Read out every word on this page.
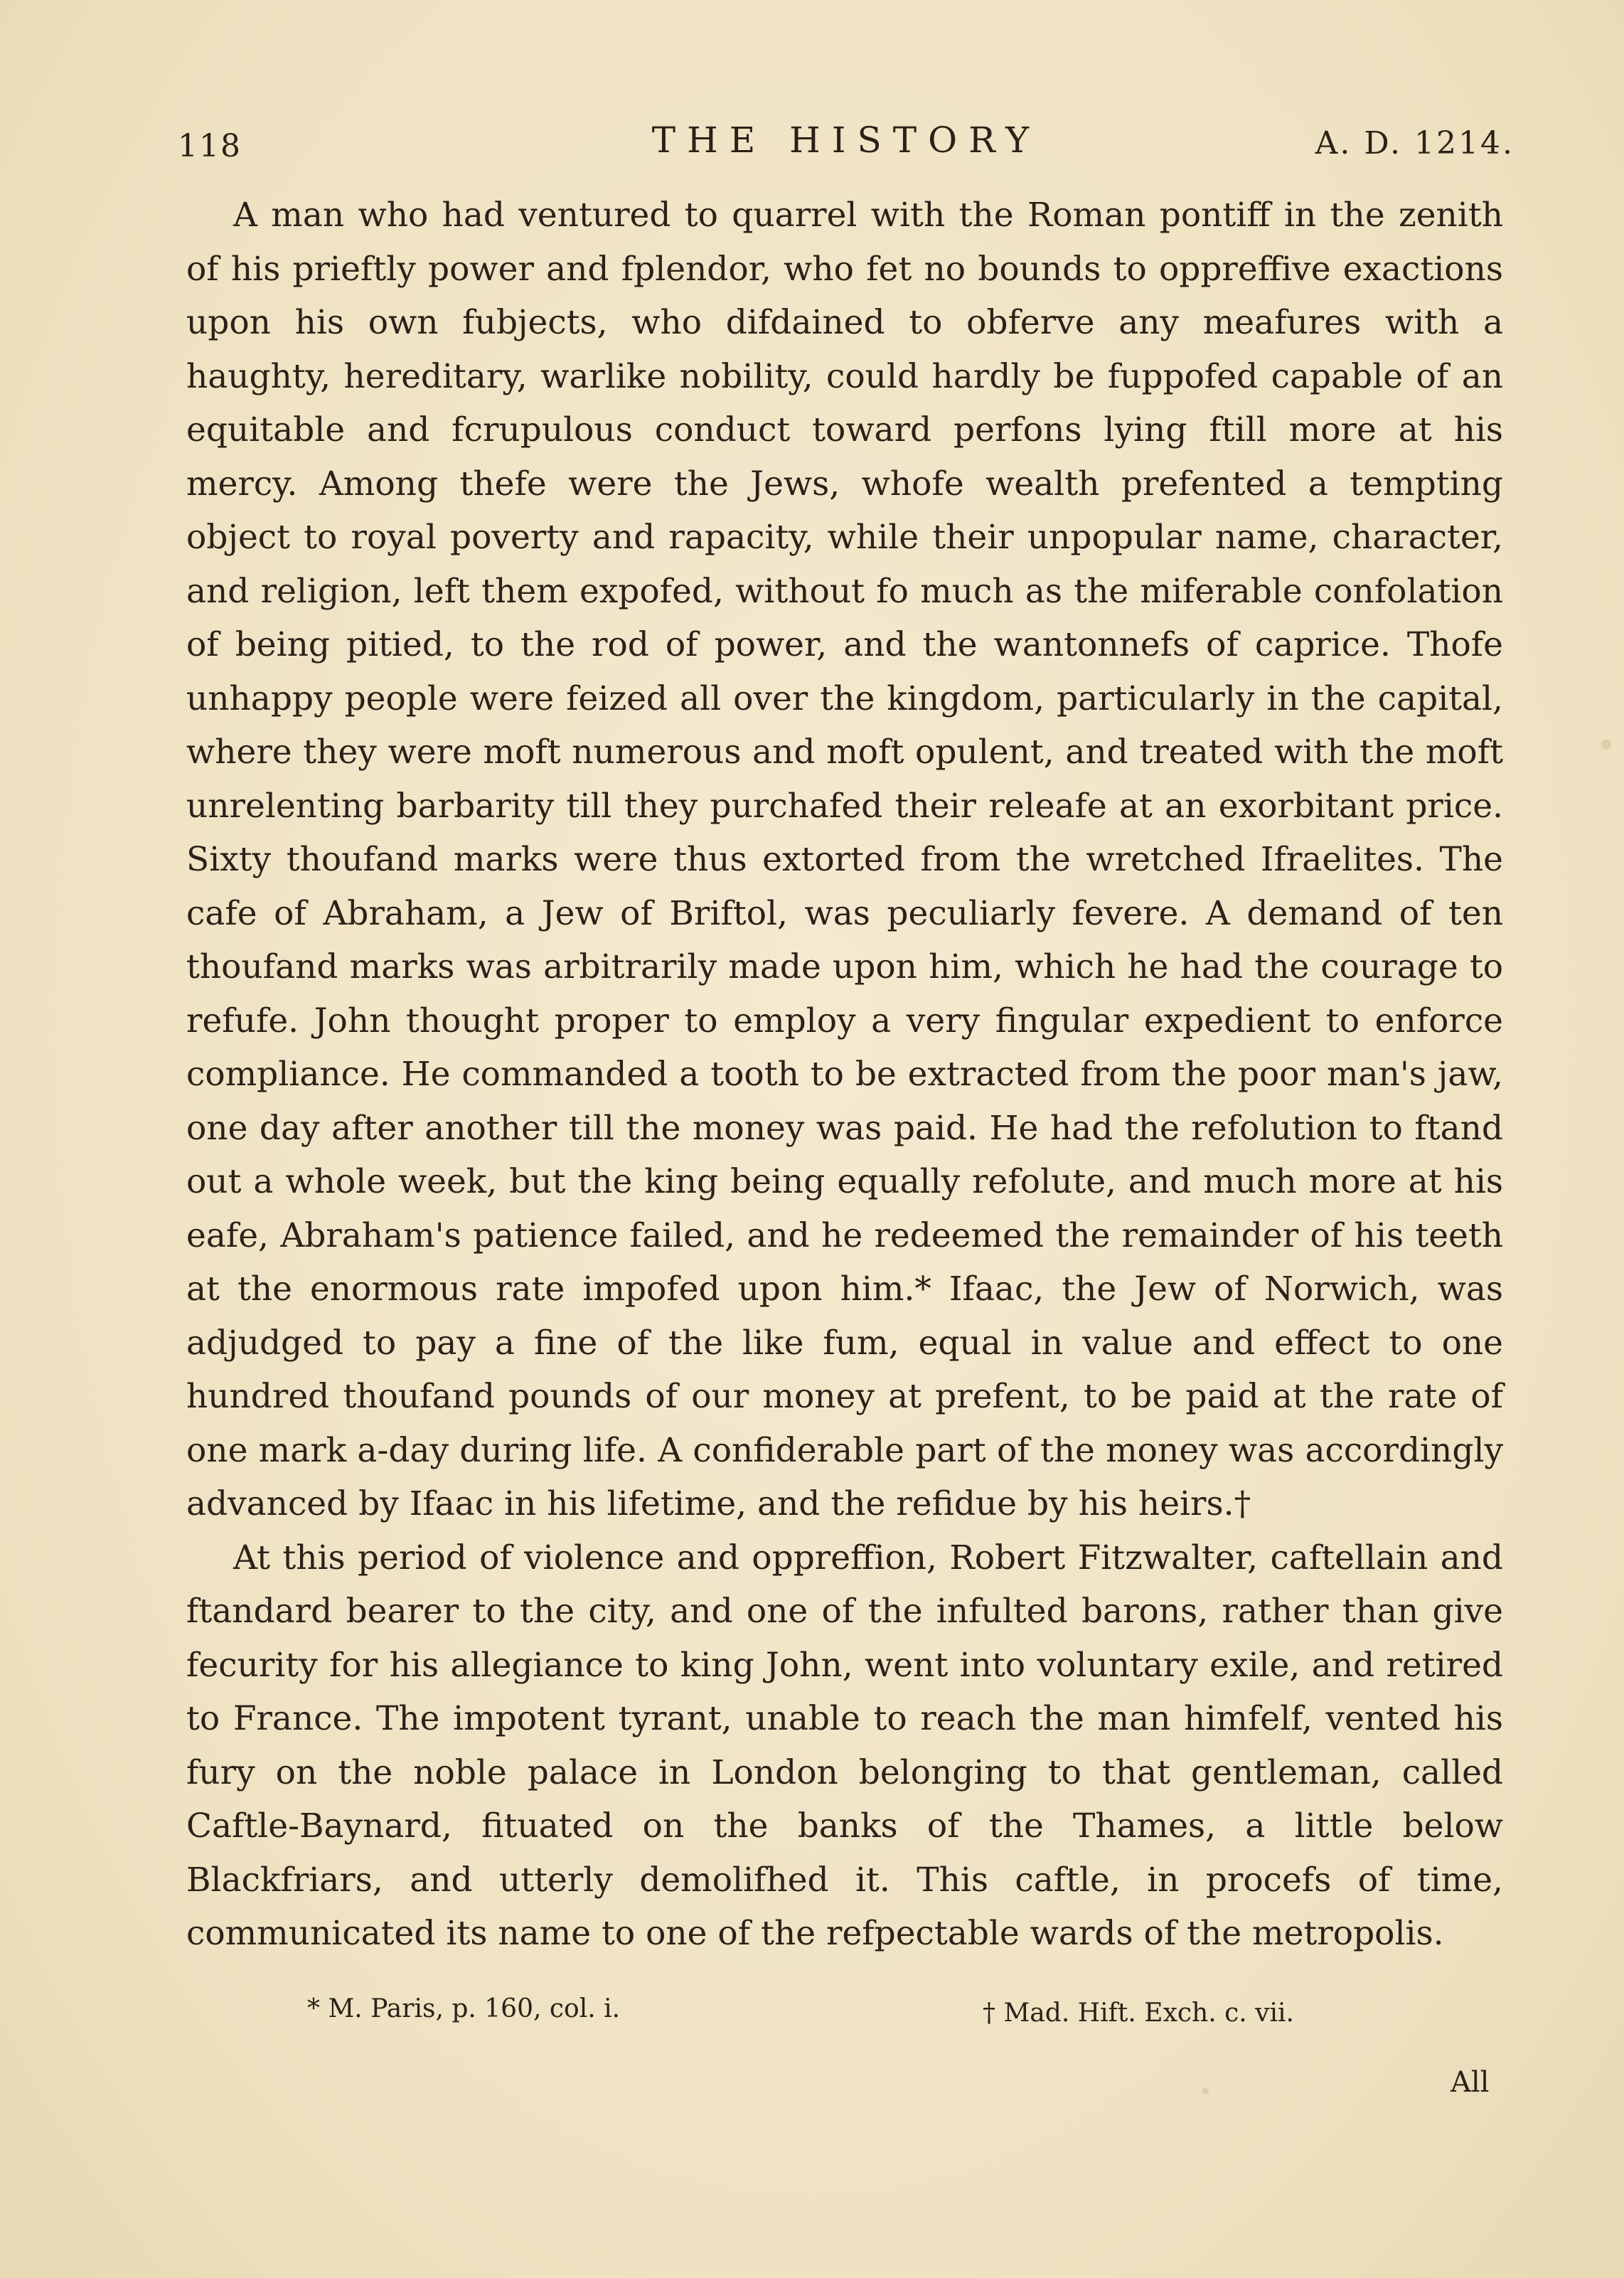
118	THE HISTORY	A. D. 1214.

A man who had ventured to quarrel with the Roman pontiff in the zenith of his prieftly power and fplendor, who fet no bounds to oppreffive exactions upon his own fubjects, who difdained to obferve any meafures with a haughty, hereditary, warlike nobility, could hardly be fuppofed capable of an equitable and fcrupulous conduct toward perfons lying ftill more at his mercy. Among thefe were the Jews, whofe wealth prefented a tempting object to royal poverty and rapacity, while their unpopular name, character, and religion, left them expofed, without fo much as the miferable confolation of being pitied, to the rod of power, and the wantonnefs of caprice. Thofe unhappy people were feized all over the kingdom, particularly in the capital, where they were moft numerous and moft opulent, and treated with the moft unrelenting barbarity till they purchafed their releafe at an exorbitant price. Sixty thoufand marks were thus extorted from the wretched Ifraelites. The cafe of Abraham, a Jew of Briftol, was peculiarly fevere. A demand of ten thoufand marks was arbitrarily made upon him, which he had the courage to refufe. John thought proper to employ a very fingular expedient to enforce compliance. He commanded a tooth to be extracted from the poor man's jaw, one day after another till the money was paid. He had the refolution to ftand out a whole week, but the king being equally refolute, and much more at his eafe, Abraham's patience failed, and he redeemed the remainder of his teeth at the enormous rate impofed upon him.* Ifaac, the Jew of Norwich, was adjudged to pay a fine of the like fum, equal in value and effect to one hundred thoufand pounds of our money at prefent, to be paid at the rate of one mark a-day during life. A confiderable part of the money was accordingly advanced by Ifaac in his lifetime, and the refidue by his heirs.†

At this period of violence and oppreffion, Robert Fitzwalter, caftellain and ftandard bearer to the city, and one of the infulted barons, rather than give fecurity for his allegiance to king John, went into voluntary exile, and retired to France. The impotent tyrant, unable to reach the man himfelf, vented his fury on the noble palace in London belonging to that gentleman, called Caftle-Baynard, fituated on the banks of the Thames, a little below Blackfriars, and utterly demolifhed it. This caftle, in procefs of time, communicated its name to one of the refpectable wards of the metropolis.

* M. Paris, p. 160, col. i.	† Mad. Hift. Exch. c. vii.
All
